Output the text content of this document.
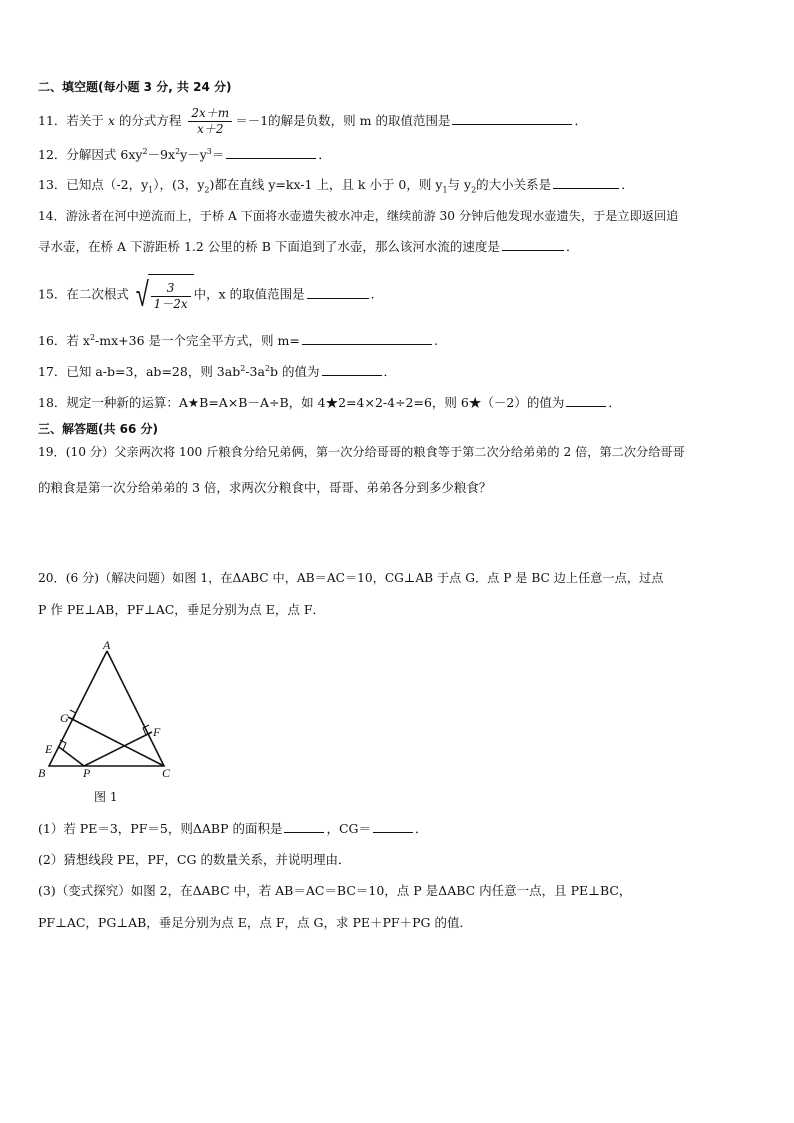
二、填空题(每小题 3 分, 共 24 分)
11．若关于 x 的分式方程 $\frac{2x+m}{x+2} =-1$的解是负数，则 m 的取值范围是	．
12．分解因式 $6xy^2-9x^2y-y^3=$	．
13．已知点（-2，$y_1$），(3，$y_2$)都在直线 y=kx-1 上，且 k 小于 0，则 $y_1$与 $y_2$的大小关系是	．
14．游泳者在河中逆流而上，于桥 A 下面将水壶遗失被水冲走，继续前游 30 分钟后他发现水壶遗失，于是立即返回追
寻水壶，在桥 A 下游距桥 1.2 公里的桥 B 下面追到了水壶，那么该河水流的速度是	．
15．在二次根式 √ $\frac{3}{1-2x}$ 中，x 的取值范围是	.
16．若 $x^2-mx+36$ 是一个完全平方式，则 m=	.
17．已知 a-b=3，ab=28，则 $3ab^2-3a^2b$ 的值为	．
18．规定一种新的运算：A★B=A×B－A÷B，如 4★2=4×2-4÷2=6，则 6★（－2）的值为	．
三、解答题(共 66 分)
19．(10 分）父亲两次将 100 斤粮食分给兄弟俩，第一次分给哥哥的粮食等于第二次分给弟弟的 2 倍，第二次分给哥哥
的粮食是第一次分给弟弟的 3 倍，求两次分粮食中，哥哥、弟弟各分到多少粮食？
20．(6 分)（解决问题）如图 1，在ΔABC 中，AB＝AC＝10，CG⊥AB 于点 G．点 P 是 BC 边上任意一点，过点
P 作 PE⊥AB，PF⊥AC，垂足分别为点 E，点 F．
A
B	C
G
E
F
P
图 1
(1）若 PE＝3，PF＝5，则ΔABP 的面积是	，CG＝	．
(2）猜想线段 PE，PF，CG 的数量关系，并说明理由．
(3)（变式探究）如图 2，在ΔABC 中，若 AB＝AC＝BC＝10，点 P 是ΔABC 内任意一点，且 PE⊥BC，
PF⊥AC，PG⊥AB，垂足分别为点 E，点 F，点 G，求 PE＋PF＋PG 的值．
